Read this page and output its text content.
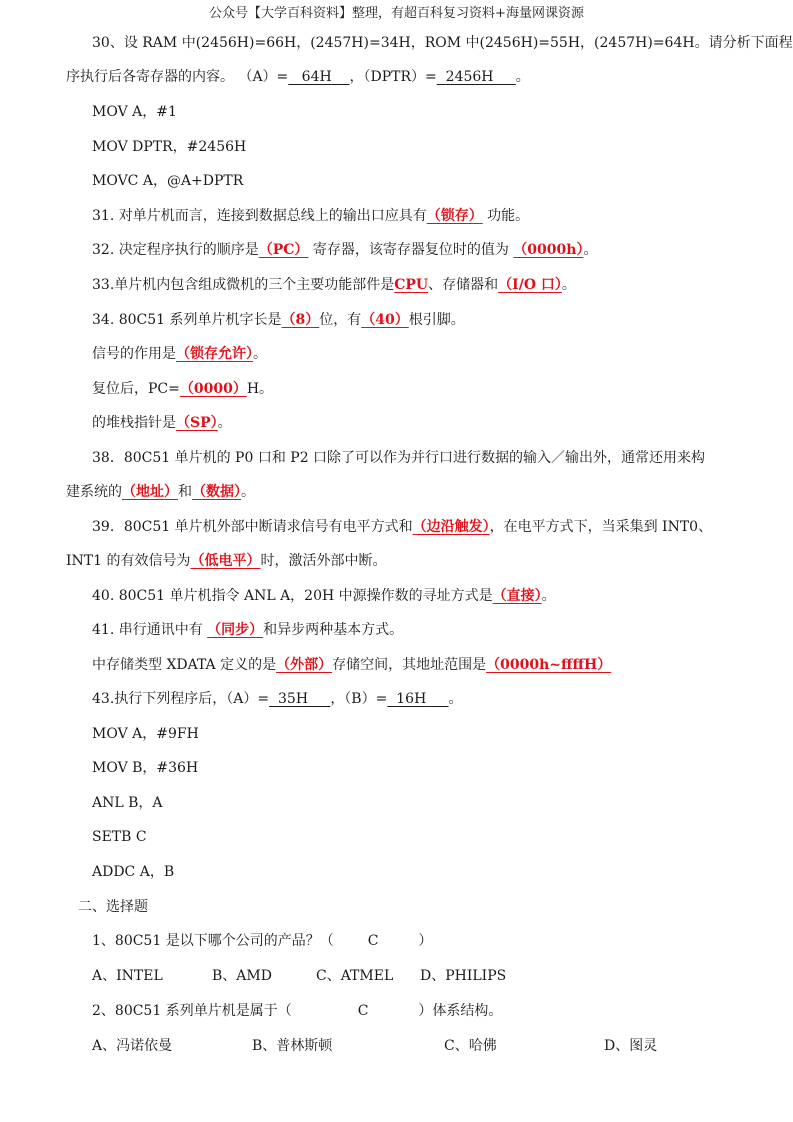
公众号【大学百科资料】整理，有超百科复习资料+海量网课资源
30、设 RAM 中(2456H)=66H，(2457H)=34H，ROM 中(2456H)=55H，(2457H)=64H。请分析下面程
序执行后各寄存器的内容。 （A）= 64H ，（DPTR）= 2456H 。
MOV A，#1
MOV DPTR，#2456H
MOVC A，@A+DPTR
31. 对单片机而言，连接到数据总线上的输出口应具有（锁存） 功能。
32. 决定程序执行的顺序是（PC） 寄存器，该寄存器复位时的值为 （0000h）。
33.单片机内包含组成微机的三个主要功能部件是CPU、存储器和（I/O 口）。
34. 80C51 系列单片机字长是（8）位，有（40）根引脚。
信号的作用是（锁存允许）。
复位后，PC=（0000）H。
的堆栈指针是（SP）。
38．80C51 单片机的 P0 口和 P2 口除了可以作为并行口进行数据的输入／输出外，通常还用来构
建系统的（地址）和（数据）。
39．80C51 单片机外部中断请求信号有电平方式和（边沿触发），在电平方式下，当采集到 INT0、
INT1 的有效信号为（低电平）时，激活外部中断。
40. 80C51 单片机指令 ANL A，20H 中源操作数的寻址方式是（直接）。
41. 串行通讯中有 （同步）和异步两种基本方式。
中存储类型 XDATA 定义的是（外部）存储空间，其地址范围是（0000h~ffffH）
43.执行下列程序后，（A）= 35H ，（B）= 16H 。
MOV A，#9FH
MOV B，#36H
ANL B，A
SETB C
ADDC A，B
二、选择题
1、80C51 是以下哪个公司的产品？（ C	）
A、INTEL	B、AMD	C、ATMEL D、PHILIPS
2、80C51 系列单片机是属于（	C	）体系结构。
A、冯诺依曼	B、普林斯顿	C、哈佛	D、图灵
